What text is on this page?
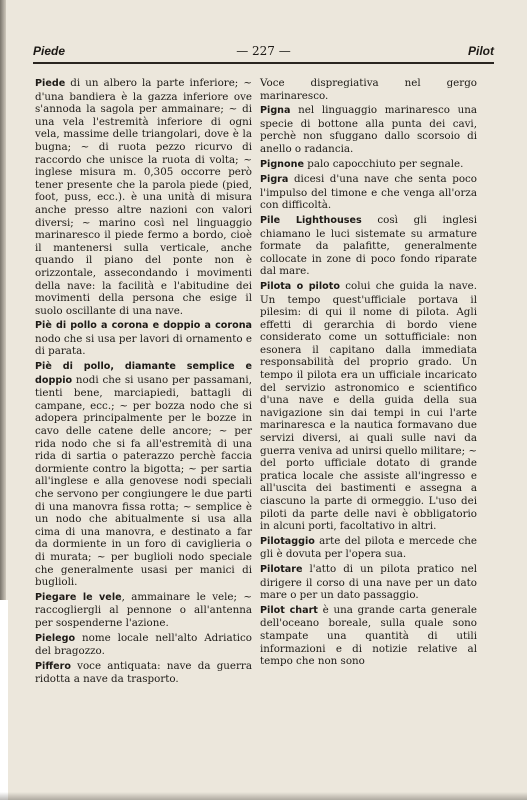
Piede	— 227 —	Pilot

Piede di un albero la parte inferiore; ~ d'una bandiera è la gazza inferiore ove s'annoda la sagola per ammainare; ~ di una vela l'estremità inferiore di ogni vela, massime delle triangolari, dove è la bugna; ~ di ruota pezzo ricurvo di raccordo che unisce la ruota di volta; ~ inglese misura m. 0,305 occorre però tener presente che la parola piede (pied, foot, puss, ecc.). è una unità di misura anche presso altre nazioni con valori diversi; ~ marino così nel linguaggio marinaresco il piede fermo a bordo, cioè il mantenersi sulla verticale, anche quando il piano del ponte non è orizzontale, assecondando i movimenti della nave: la facilità e l'abitudine dei movimenti della persona che esige il suolo oscillante di una nave.

Piè di pollo a corona e doppio a corona nodo che si usa per lavori di ornamento e di parata.

Piè di pollo, diamante semplice e doppio nodi che si usano per passamani, tienti bene, marciapiedi, battagli di campane, ecc.; ~ per bozza nodo che si adopera principalmente per le bozze in cavo delle catene delle ancore; ~ per rida nodo che si fa all'estremità di una rida di sartia o paterazzo perchè faccia dormiente contro la bigotta; ~ per sartia all'inglese e alla genovese nodi speciali che servono per congiungere le due parti di una manovra fissa rotta; ~ semplice è un nodo che abitualmente si usa alla cima di una manovra, e destinato a far da dormiente in un foro di caviglieria o di murata; ~ per buglioli nodo speciale che generalmente usasi per manici di buglioli.

Piegare le vele, ammainare le vele; ~ raccogliergli al pennone o all'antenna per sospenderne l'azione.

Pielego nome locale nell'alto Adriatico del bragozzo.

Piffero voce antiquata: nave da guerra ridotta a nave da trasporto.

Voce dispregiativa nel gergo marinaresco.

Pigna nel linguaggio marinaresco una specie di bottone alla punta dei cavi, perchè non sfuggano dallo scorsoio di anello o radancia.

Pignone palo capocchiuto per segnale.

Pigra dicesi d'una nave che senta poco l'impulso del timone e che venga all'orza con difficoltà.

Pile Lighthouses così gli inglesi chiamano le luci sistemate su armature formate da palafitte, generalmente collocate in zone di poco fondo riparate dal mare.

Pilota o piloto colui che guida la nave. Un tempo quest'ufficiale portava il pilesim: di qui il nome di pilota. Agli effetti di gerarchia di bordo viene considerato come un sottufficiale: non esonera il capitano dalla immediata responsabilità del proprio grado. Un tempo il pilota era un ufficiale incaricato del servizio astronomico e scientifico d'una nave e della guida della sua navigazione sin dai tempi in cui l'arte marinaresca e la nautica formavano due servizi diversi, ai quali sulle navi da guerra veniva ad unirsi quello militare; ~ del porto ufficiale dotato di grande pratica locale che assiste all'ingresso e all'uscita dei bastimenti e assegna a ciascuno la parte di ormeggio. L'uso dei piloti da parte delle navi è obbligatorio in alcuni porti, facoltativo in altri.

Pilotaggio arte del pilota e mercede che gli è dovuta per l'opera sua.

Pilotare l'atto di un pilota pratico nel dirigere il corso di una nave per un dato mare o per un dato passaggio.

Pilot chart è una grande carta generale dell'oceano boreale, sulla quale sono stampate una quantità di utili informazioni e di notizie relative al tempo che non sono
